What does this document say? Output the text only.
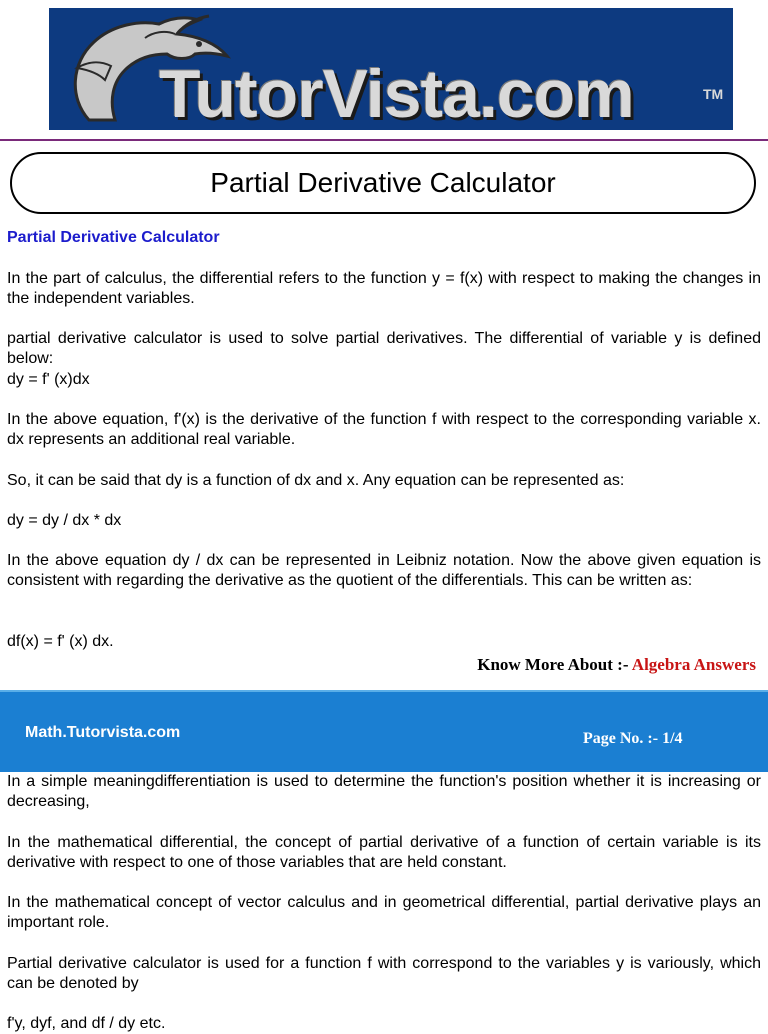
TutorVista.com	TM
Partial Derivative Calculator
Partial Derivative Calculator

In the part of calculus, the differential refers to the function y = f(x) with respect to making the changes in the independent variables.

partial derivative calculator is used to solve partial derivatives. The differential of variable y is defined below:

dy = f' (x)dx

In the above equation, f'(x) is the derivative of the function f with respect to the corresponding variable x. dx represents an additional real variable.

So, it can be said that dy is a function of dx and x. Any equation can be represented as:

dy = dy / dx * dx

In the above equation dy / dx can be represented in Leibniz notation. Now the above given equation is consistent with regarding the derivative as the quotient of the differentials. This can be written as:

df(x) = f' (x) dx.

Know More About :- Algebra Answers
Math.Tutorvista.com	Page No. :- 1/4

In a simple meaningdifferentiation is used to determine the function's position whether it is increasing or decreasing,

In the mathematical differential, the concept of partial derivative of a function of certain variable is its derivative with respect to one of those variables that are held constant.

In the mathematical concept of vector calculus and in geometrical differential, partial derivative plays an important role.

Partial derivative calculator is used for a function f with correspond to the variables y is variously, which can be denoted by

f'y, dyf, and df / dy etc.
